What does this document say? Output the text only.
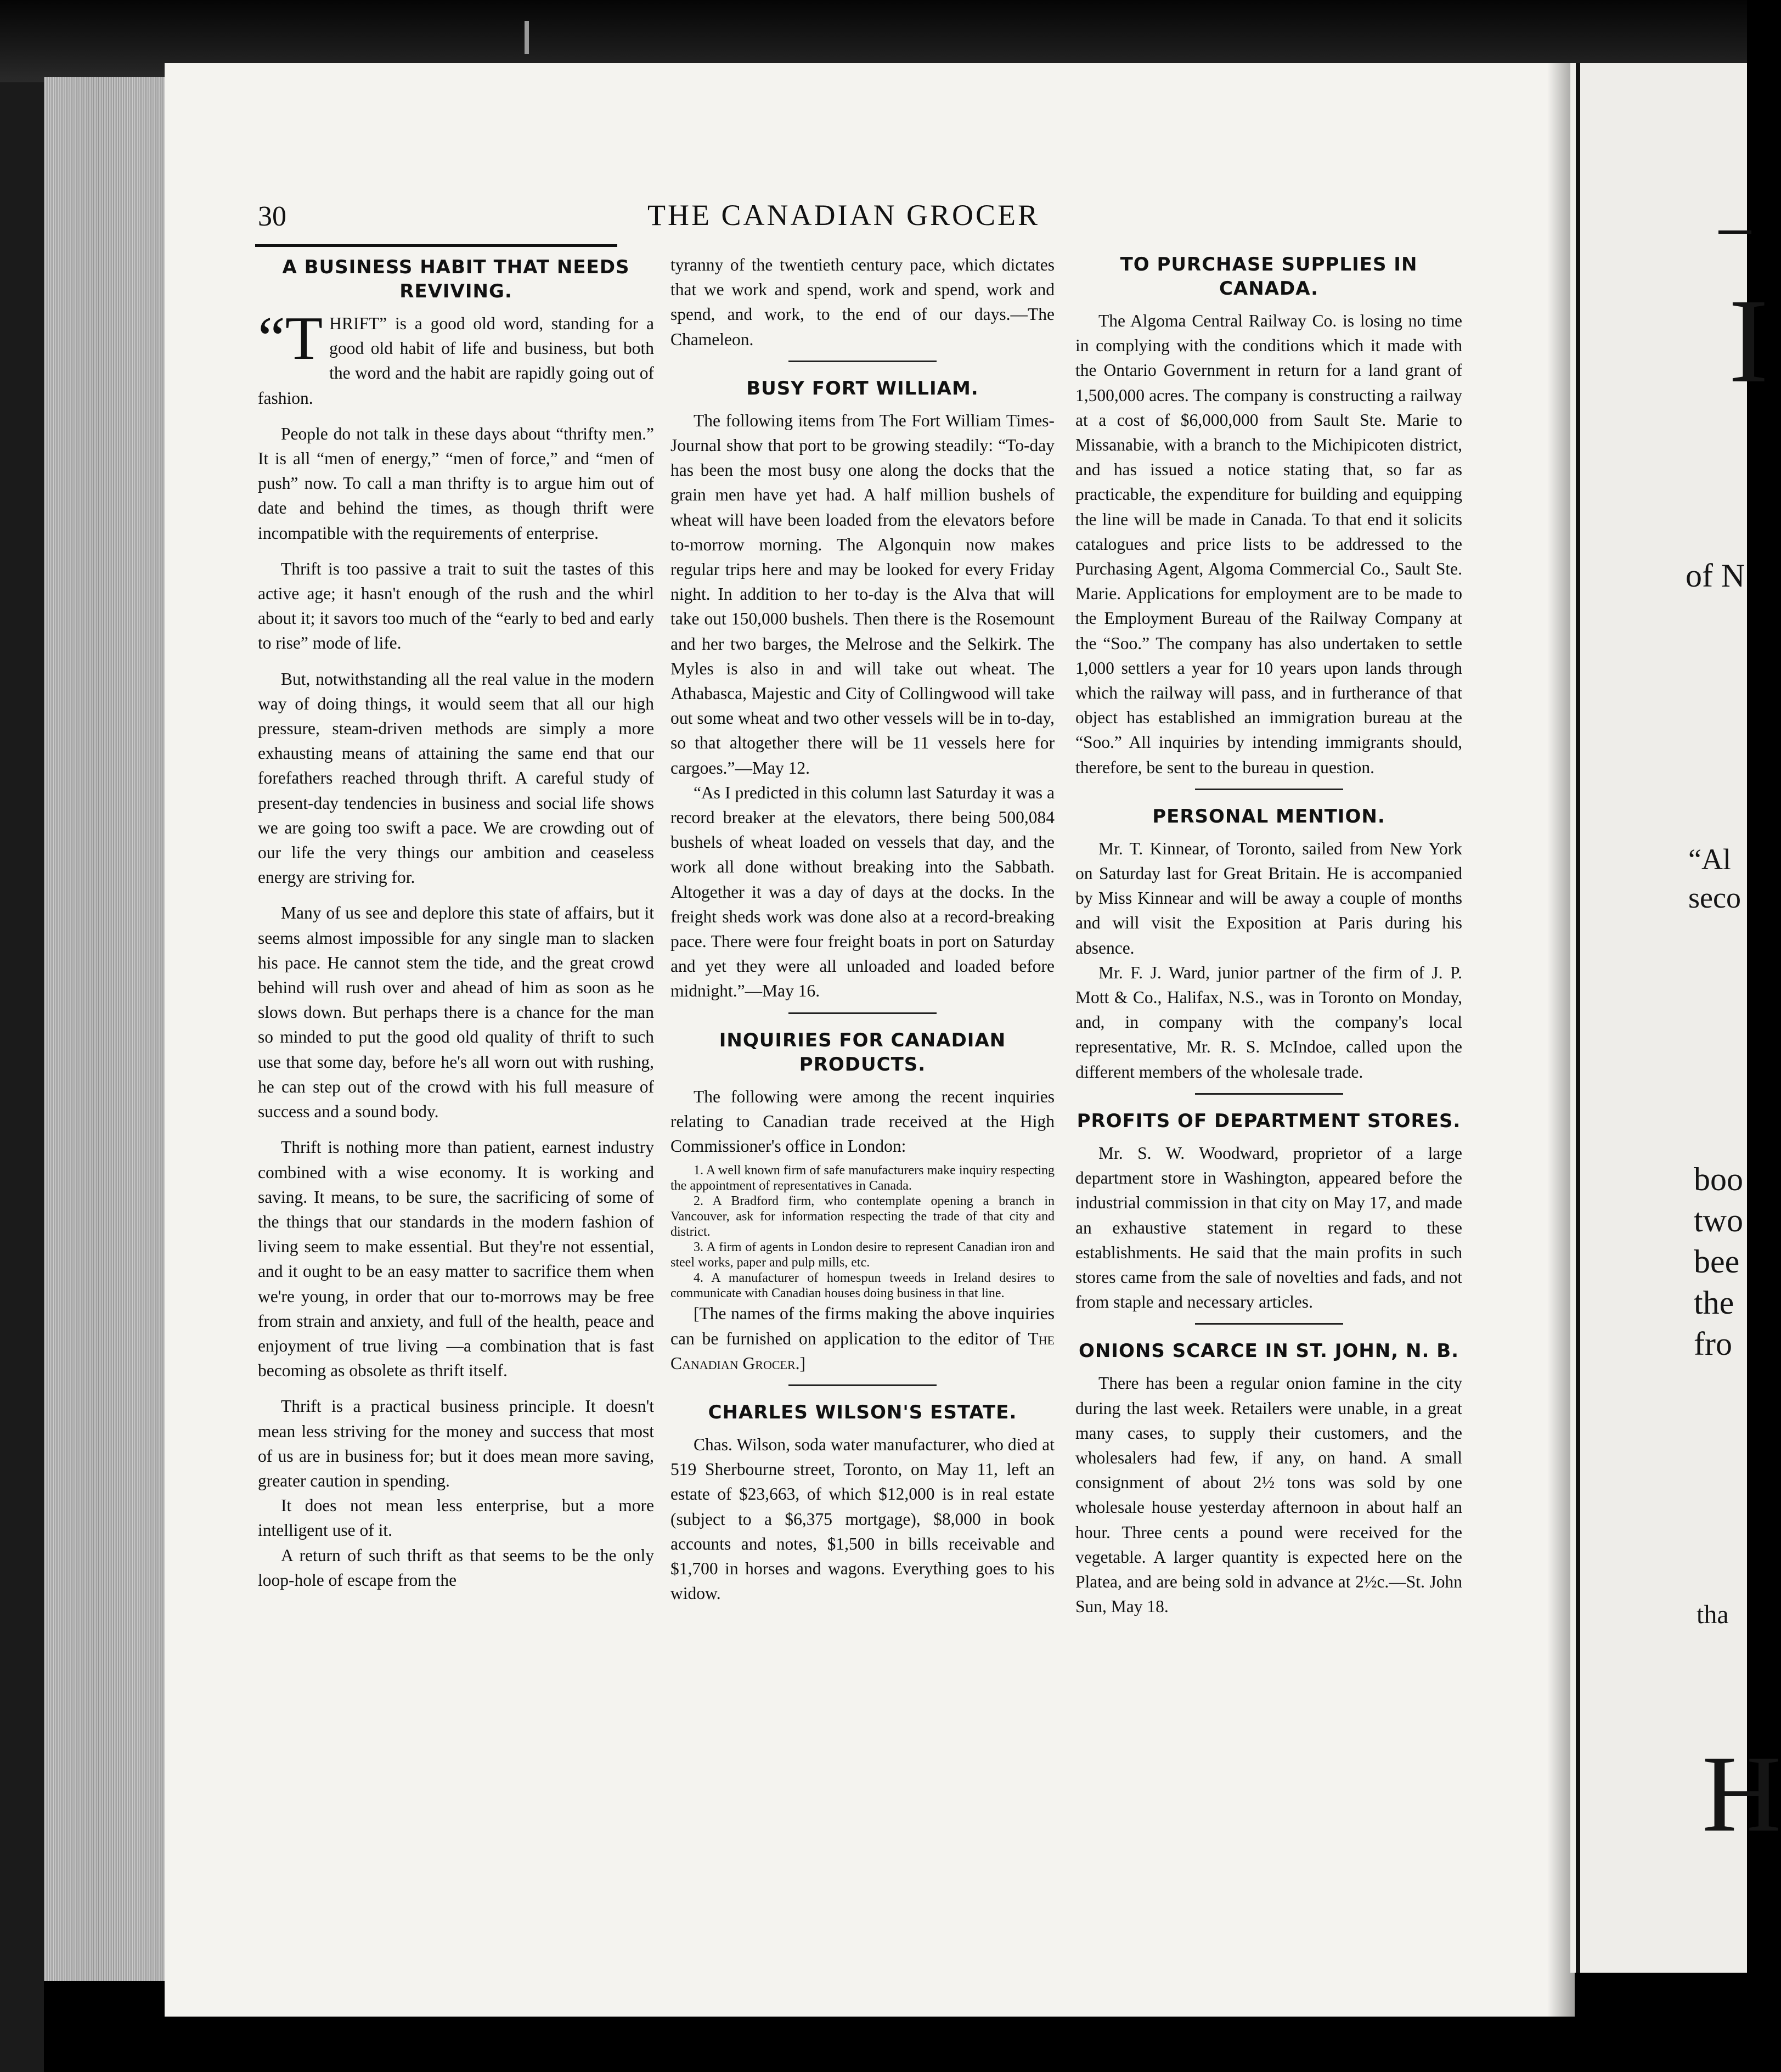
30	THE CANADIAN GROCER
A BUSINESS HABIT THAT NEEDS REVIVING.

“T HRIFT” is a good old word, standing for a good old habit of life and business, but both the word and the habit are rapidly going out of fashion.

People do not talk in these days about “thrifty men.” It is all “men of energy,” “men of force,” and “men of push” now. To call a man thrifty is to argue him out of date and behind the times, as though thrift were incompatible with the requirements of enterprise.

Thrift is too passive a trait to suit the tastes of this active age; it hasn't enough of the rush and the whirl about it; it savors too much of the “early to bed and early to rise” mode of life.

But, notwithstanding all the real value in the modern way of doing things, it would seem that all our high pressure, steam-driven methods are simply a more exhausting means of attaining the same end that our forefathers reached through thrift. A careful study of present-day tendencies in business and social life shows we are going too swift a pace. We are crowding out of our life the very things our ambition and ceaseless energy are striving for.

Many of us see and deplore this state of affairs, but it seems almost impossible for any single man to slacken his pace. He cannot stem the tide, and the great crowd behind will rush over and ahead of him as soon as he slows down. But perhaps there is a chance for the man so minded to put the good old quality of thrift to such use that some day, before he's all worn out with rushing, he can step out of the crowd with his full measure of success and a sound body.

Thrift is nothing more than patient, earnest industry combined with a wise economy. It is working and saving. It means, to be sure, the sacrificing of some of the things that our standards in the modern fashion of living seem to make essential. But they're not essential, and it ought to be an easy matter to sacrifice them when we're young, in order that our to-morrows may be free from strain and anxiety, and full of the health, peace and enjoyment of true living —a combination that is fast becoming as obsolete as thrift itself.

Thrift is a practical business principle. It doesn't mean less striving for the money and success that most of us are in business for; but it does mean more saving, greater caution in spending.

It does not mean less enterprise, but a more intelligent use of it.

A return of such thrift as that seems to be the only loop-hole of escape from the

tyranny of the twentieth century pace, which dictates that we work and spend, work and spend, work and spend, and work, to the end of our days.—The Chameleon.

BUSY FORT WILLIAM.

The following items from The Fort William Times-Journal show that port to be growing steadily: “To-day has been the most busy one along the docks that the grain men have yet had. A half million bushels of wheat will have been loaded from the elevators before to-morrow morning. The Algonquin now makes regular trips here and may be looked for every Friday night. In addition to her to-day is the Alva that will take out 150,000 bushels. Then there is the Rosemount and her two barges, the Melrose and the Selkirk. The Myles is also in and will take out wheat. The Athabasca, Majestic and City of Collingwood will take out some wheat and two other vessels will be in to-day, so that altogether there will be 11 vessels here for cargoes.”—May 12.

“As I predicted in this column last Saturday it was a record breaker at the elevators, there being 500,084 bushels of wheat loaded on vessels that day, and the work all done without breaking into the Sabbath. Altogether it was a day of days at the docks. In the freight sheds work was done also at a record-breaking pace. There were four freight boats in port on Saturday and yet they were all unloaded and loaded before midnight.”—May 16.

INQUIRIES FOR CANADIAN PRODUCTS.

The following were among the recent inquiries relating to Canadian trade received at the High Commissioner's office in London:

1. A well known firm of safe manufacturers make inquiry respecting the appointment of representatives in Canada.

2. A Bradford firm, who contemplate opening a branch in Vancouver, ask for information respecting the trade of that city and district.

3. A firm of agents in London desire to represent Canadian iron and steel works, paper and pulp mills, etc.

4. A manufacturer of homespun tweeds in Ireland desires to communicate with Canadian houses doing business in that line.

[The names of the firms making the above inquiries can be furnished on application to the editor of The Canadian Grocer.]

CHARLES WILSON'S ESTATE.

Chas. Wilson, soda water manufacturer, who died at 519 Sherbourne street, Toronto, on May 11, left an estate of $23,663, of which $12,000 is in real estate (subject to a $6,375 mortgage), $8,000 in book accounts and notes, $1,500 in bills receivable and $1,700 in horses and wagons. Everything goes to his widow.

TO PURCHASE SUPPLIES IN CANADA.

The Algoma Central Railway Co. is losing no time in complying with the conditions which it made with the Ontario Government in return for a land grant of 1,500,000 acres. The company is constructing a railway at a cost of $6,000,000 from Sault Ste. Marie to Missanabie, with a branch to the Michipicoten district, and has issued a notice stating that, so far as practicable, the expenditure for building and equipping the line will be made in Canada. To that end it solicits catalogues and price lists to be addressed to the Purchasing Agent, Algoma Commercial Co., Sault Ste. Marie. Applications for employment are to be made to the Employment Bureau of the Railway Company at the “Soo.” The company has also undertaken to settle 1,000 settlers a year for 10 years upon lands through which the railway will pass, and in furtherance of that object has established an immigration bureau at the “Soo.” All inquiries by intending immigrants should, therefore, be sent to the bureau in question.

PERSONAL MENTION.

Mr. T. Kinnear, of Toronto, sailed from New York on Saturday last for Great Britain. He is accompanied by Miss Kinnear and will be away a couple of months and will visit the Exposition at Paris during his absence.

Mr. F. J. Ward, junior partner of the firm of J. P. Mott & Co., Halifax, N.S., was in Toronto on Monday, and, in company with the company's local representative, Mr. R. S. McIndoe, called upon the different members of the wholesale trade.

PROFITS OF DEPARTMENT STORES.

Mr. S. W. Woodward, proprietor of a large department store in Washington, appeared before the industrial commission in that city on May 17, and made an exhaustive statement in regard to these establishments. He said that the main profits in such stores came from the sale of novelties and fads, and not from staple and necessary articles.

ONIONS SCARCE IN ST. JOHN, N. B.

There has been a regular onion famine in the city during the last week. Retailers were unable, in a great many cases, to supply their customers, and the wholesalers had few, if any, on hand. A small consignment of about 2½ tons was sold by one wholesale house yesterday afternoon in about half an hour. Three cents a pound were received for the vegetable. A larger quantity is expected here on the Platea, and are being sold in advance at 2½c.—St. John Sun, May 18.

I
of N
“Al
seco
boo
two
bee
the
fro
tha
H
